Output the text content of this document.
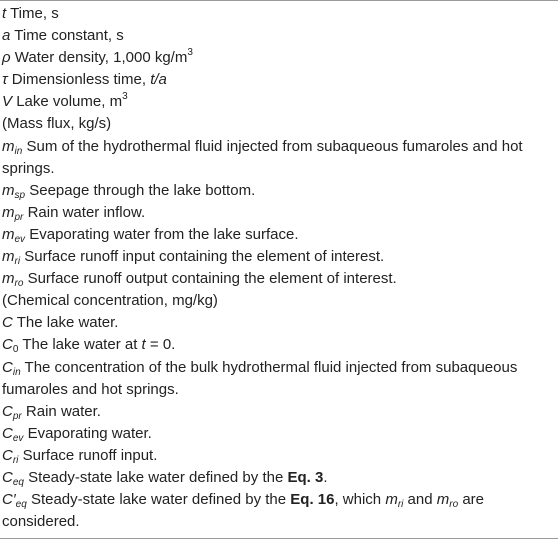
t Time, s
a Time constant, s
ρ Water density, 1,000 $kg/m^3$
τ Dimensionless time, t/a
V Lake volume, $m^3$
(Mass flux, kg/s)
$m_{in}$ Sum of the hydrothermal fluid injected from subaqueous fumaroles and hot springs.
$m_{sp}$ Seepage through the lake bottom.
$m_{pr}$ Rain water inflow.
$m_{ev}$ Evaporating water from the lake surface.
$m_{ri}$ Surface runoff input containing the element of interest.
$m_{ro}$ Surface runoff output containing the element of interest.
(Chemical concentration, mg/kg)
C The lake water.
$C_0$ The lake water at t = 0.
$C_{in}$ The concentration of the bulk hydrothermal fluid injected from subaqueous fumaroles and hot springs.
$C_{pr}$ Rain water.
$C_{ev}$ Evaporating water.
$C_{ri}$ Surface runoff input.
$C_{eq}$ Steady-state lake water defined by the Eq. 3.
$C'_{eq}$ Steady-state lake water defined by the Eq. 16, which $m_{ri}$ and $m_{ro}$ are considered.
